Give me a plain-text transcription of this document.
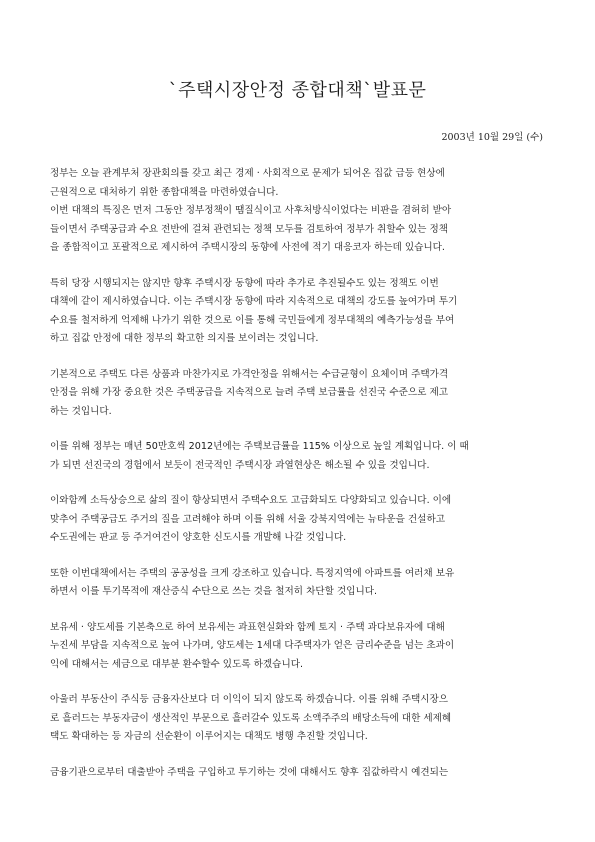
`주택시장안정 종합대책`발표문
2003년 10월 29일 (수)

정부는 오늘 관계부처 장관회의를 갖고 최근 경제 · 사회적으로 문제가 되어온 집값 급등 현상에
근원적으로 대처하기 위한 종합대책을 마련하였습니다.
이번 대책의 특징은 먼저 그동안 정부정책이 땜질식이고 사후처방식이었다는 비판을 겸허히 받아
들이면서 주택공급과 수요 전반에 걸쳐 관련되는 정책 모두를 검토하여 정부가 취할수 있는 정책
을 종합적이고 포괄적으로 제시하여 주택시장의 동향에 사전에 적기 대응코자 하는데 있습니다.

특히 당장 시행되지는 않지만 향후 주택시장 동향에 따라 추가로 추진될수도 있는 정책도 이번
대책에 같이 제시하였습니다. 이는 주택시장 동향에 따라 지속적으로 대책의 강도를 높여가며 투기
수요를 철저하게 억제해 나가기 위한 것으로 이를 통해 국민들에게 정부대책의 예측가능성을 부여
하고 집값 안정에 대한 정부의 확고한 의지를 보이려는 것입니다.

기본적으로 주택도 다른 상품과 마찬가지로 가격안정을 위해서는 수급균형이 요체이며 주택가격
안정을 위해 가장 중요한 것은 주택공급을 지속적으로 늘려 주택 보급률을 선진국 수준으로 제고
하는 것입니다.

이를 위해 정부는 매년 50만호씩 2012년에는 주택보급률을 115% 이상으로 높일 계획입니다. 이 때
가 되면 선진국의 경험에서 보듯이 전국적인 주택시장 과열현상은 해소될 수 있을 것입니다.

이와함께 소득상승으로 삶의 질이 향상되면서 주택수요도 고급화되도 다양화되고 있습니다. 이에
맞추어 주택공급도 주거의 질을 고려해야 하며 이를 위해 서울 강북지역에는 뉴타운을 건설하고
수도권에는 판교 등 주거여건이 양호한 신도시를 개발해 나갈 것입니다.

또한 이번대책에서는 주택의 공공성을 크게 강조하고 있습니다. 특정지역에 아파트를 여러채 보유
하면서 이를 투기목적에 재산증식 수단으로 쓰는 것을 철저히 차단할 것입니다.

보유세 · 양도세를 기본축으로 하여 보유세는 과표현실화와 함께 토지 · 주택 과다보유자에 대해
누진세 부담을 지속적으로 높여 나가며, 양도세는 1세대 다주택자가 얻은 금리수준을 넘는 초과이
익에 대해서는 세금으로 대부분 환수할수 있도록 하겠습니다.

아울러 부동산이 주식등 금융자산보다 더 이익이 되지 않도록 하겠습니다. 이를 위해 주택시장으
로 흘러드는 부동자금이 생산적인 부문으로 흘러갈수 있도록 소액주주의 배당소득에 대한 세제혜
택도 확대하는 등 자금의 선순환이 이루어지는 대책도 병행 추진할 것입니다.

금융기관으로부터 대출받아 주택을 구입하고 투기하는 것에 대해서도 향후 집값하락시 예견되는
